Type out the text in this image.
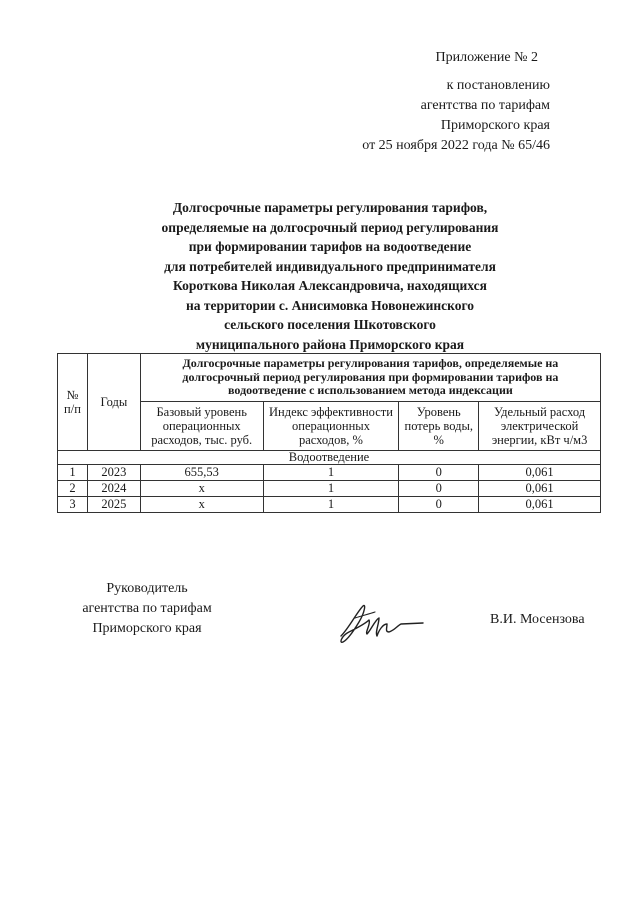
Приложение № 2
к постановлению
агентства по тарифам
Приморского края
от 25 ноября 2022 года № 65/46
Долгосрочные параметры регулирования тарифов,
определяемые на долгосрочный период регулирования
при формировании тарифов на водоотведение
для потребителей индивидуального предпринимателя
Короткова Николая Александровича, находящихся
на территории с. Анисимовка Новонежинского
сельского поселения Шкотовского
муниципального района Приморского края
№ п/п	Годы	Долгосрочные параметры регулирования тарифов, определяемые на долгосрочный период регулирования при формировании тарифов на водоотведение с использованием метода индексации			
		Базовый уровень операционных расходов, тыс. руб.	Индекс эффективности операционных расходов, %	Уровень потерь воды, %	Удельный расход электрической энергии, кВт ч/м3
Водоотведение					
1	2023	655,53	1	0	0,061
2	2024	х	1	0	0,061
3	2025	х	1	0	0,061
Руководитель
агентства по тарифам
Приморского края
В.И. Мосензова
